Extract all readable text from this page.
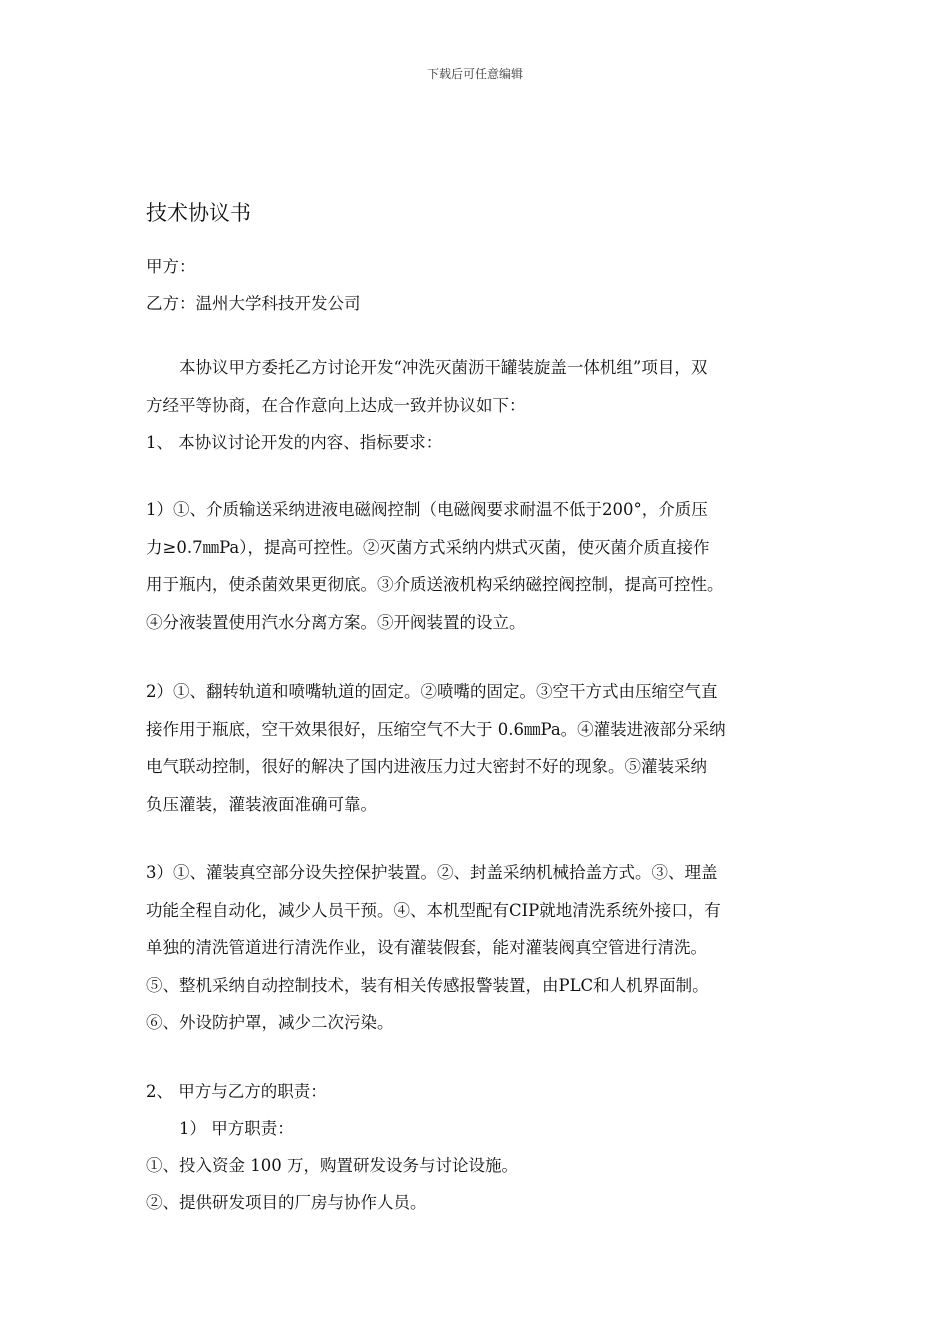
下载后可任意编辑
技术协议书
甲方：
乙方：温州大学科技开发公司
本协议甲方委托乙方讨论开发“冲洗灭菌沥干罐装旋盖一体机组”项目，双
方经平等协商，在合作意向上达成一致并协议如下：
1、 本协议讨论开发的内容、指标要求：
1）①、介质输送采纳进液电磁阀控制（电磁阀要求耐温不低于200°，介质压
力≥0.7㎜Pa），提高可控性。②灭菌方式采纳内烘式灭菌，使灭菌介质直接作
用于瓶内，使杀菌效果更彻底。③介质送液机构采纳磁控阀控制，提高可控性。
④分液装置使用汽水分离方案。⑤开阀装置的设立。
2）①、翻转轨道和喷嘴轨道的固定。②喷嘴的固定。③空干方式由压缩空气直
接作用于瓶底，空干效果很好，压缩空气不大于 0.6㎜Pa。④灌装进液部分采纳
电气联动控制，很好的解决了国内进液压力过大密封不好的现象。⑤灌装采纳
负压灌装，灌装液面准确可靠。
3）①、灌装真空部分设失控保护装置。②、封盖采纳机械拾盖方式。③、理盖
功能全程自动化，减少人员干预。④、本机型配有CIP就地清洗系统外接口，有
单独的清洗管道进行清洗作业，设有灌装假套，能对灌装阀真空管进行清洗。
⑤、整机采纳自动控制技术，装有相关传感报警装置，由PLC和人机界面制。
⑥、外设防护罩，减少二次污染。
2、 甲方与乙方的职责：
1） 甲方职责：
①、投入资金 100 万，购置研发设务与讨论设施。
②、提供研发项目的厂房与协作人员。
